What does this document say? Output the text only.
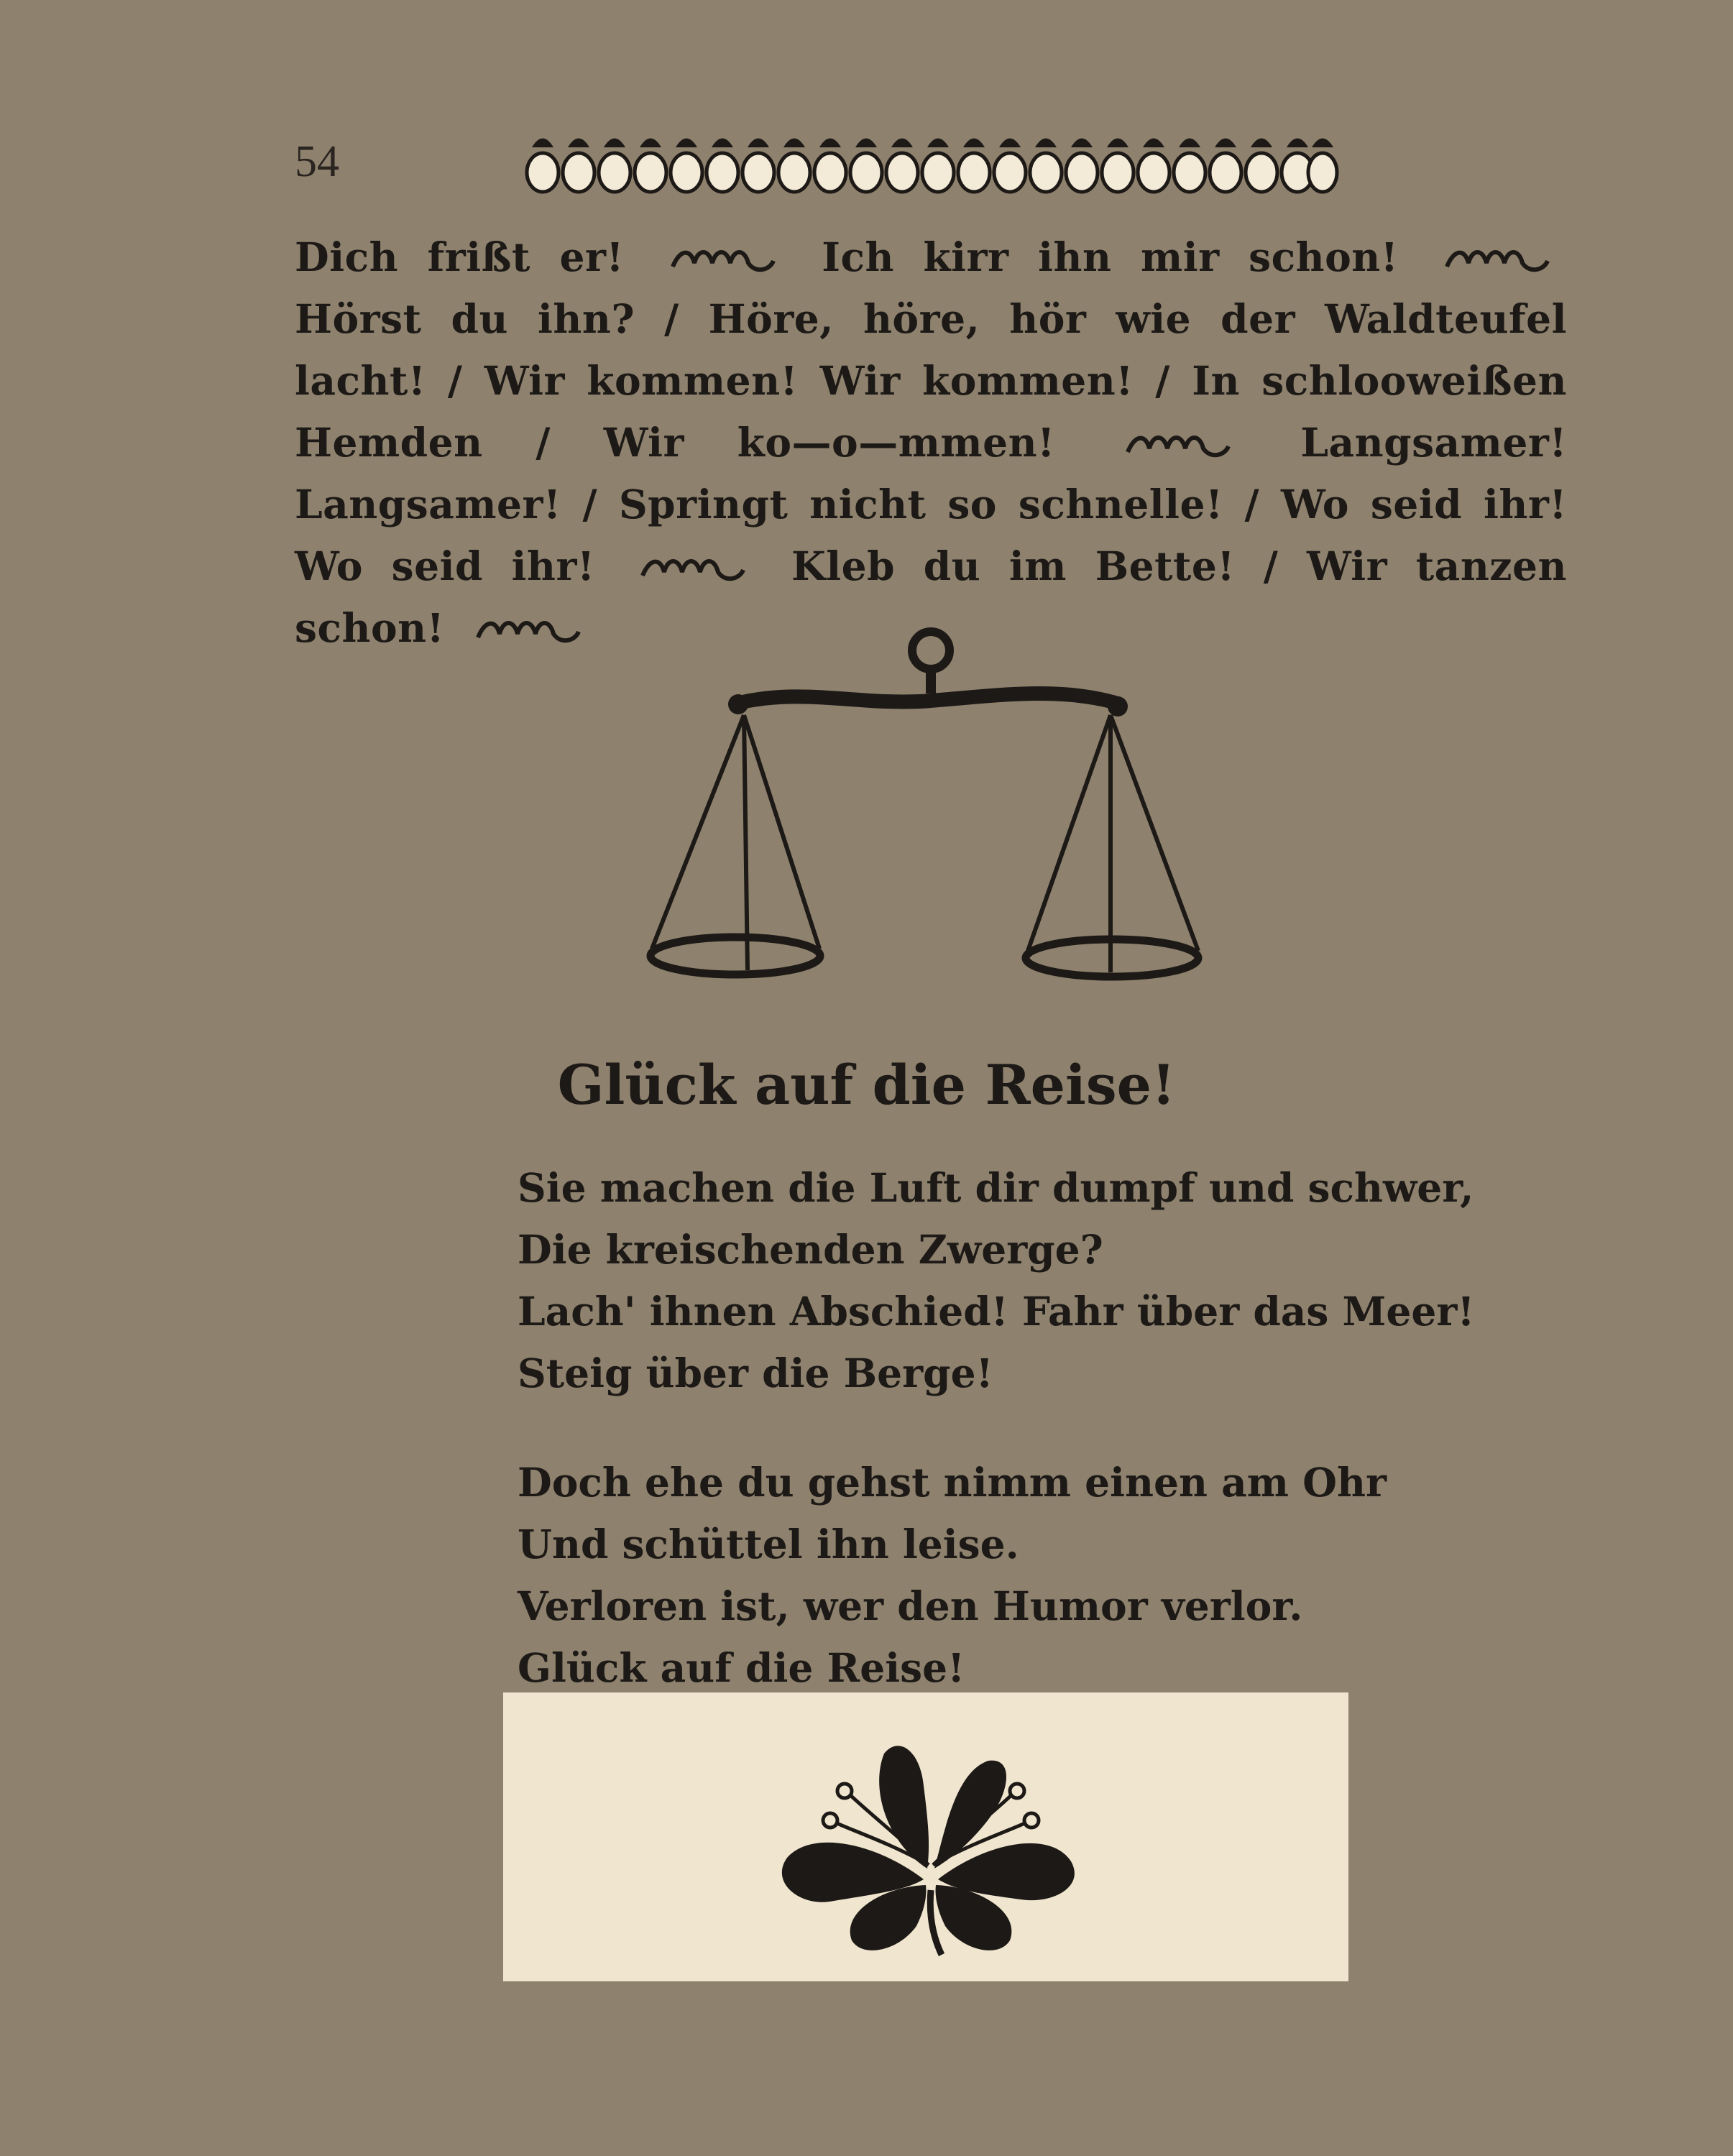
54
Dich frißt er!	Ich kirr ihn mir schon!  Hörst du ihn? / Höre, höre, hör wie der Waldteufel lacht! / Wir kommen! Wir kommen! / In schlooweißen Hemden / Wir ko—o—mmen!	Langsamer! Langsamer! / Springt nicht so schnelle! / Wo seid ihr! Wo seid ihr!	Kleb du im Bette! / Wir tanzen schon!
Glück auf die Reise!
Sie machen die Luft dir dumpf und schwer,
Die kreischenden Zwerge?
Lach' ihnen Abschied! Fahr über das Meer!
Steig über die Berge!
Doch ehe du gehst nimm einen am Ohr
Und schüttel ihn leise.
Verloren ist, wer den Humor verlor.
Glück auf die Reise!
